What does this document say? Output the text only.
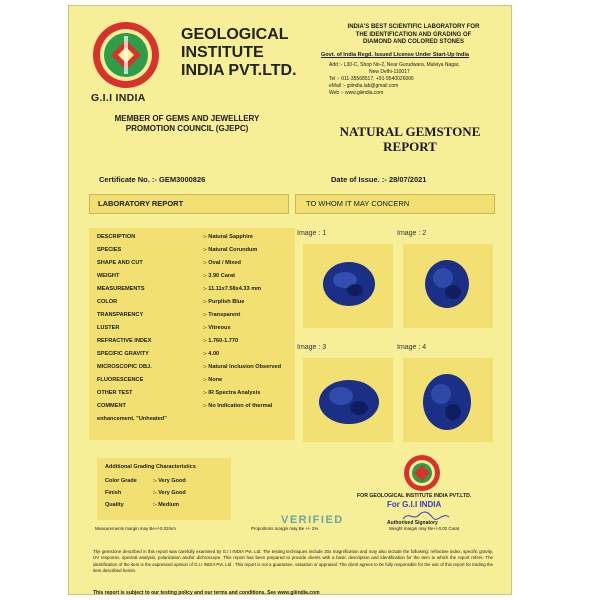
G.I.I INDIA
GEOLOGICAL
INSTITUTE
INDIA PVT.LTD.
MEMBER OF GEMS AND JEWELLERY
PROMOTION COUNCIL (GJEPC)
INDIA'S BEST SCIENTIFIC LABORATORY FOR
THE IDENTIFICATION AND GRADING OF
DIAMOND AND COLORED STONES
Govt. of India Regd. Issued License Under Start-Up India
Add :- L30-C, Shop No-2, Near Gurudwara, Malviya Nagar,
New Delhi-110017
Tel :- 011-35568517, +91-9540026006
eMail :- giiindia.lab@gmail.com
Web :- www.giiindia.com
NATURAL GEMSTONE
REPORT
Certificate No. :- GEM3000826	Date of Issue. :- 28/07/2021
LABORATORY REPORT	TO WHOM IT MAY CONCERN
DESCRIPTION	:- Natural Sapphire
SPECIES	:- Natural Corundum
SHAPE AND CUT	:- Oval / Mixed
WEIGHT	:- 3.90 Carat
MEASUREMENTS	:- 11.11x7.58x4.33 mm
COLOR	:- Purplish Blue
TRANSPARENCY	:- Transparent
LUSTER	:- Vitreous
REFRACTIVE INDEX	:- 1.760-1.770
SPECIFIC GRAVITY	:- 4.00
MICROSCOPIC OBJ.	:- Natural Inclusion Observed
FLUORESCENCE	:- None
OTHER TEST	:- IR Spectra Analysis
COMMENT	:- No Indication of thermal
enhancement. "Unheated"
Image : 1	Image : 2
Image : 3	Image : 4
Additional Grading Characteristics
Color Grade	:- Very Good
Finish	:- Very Good
Quality	:- Medium
FOR GEOLOGICAL INSTITUTE INDIA PVT.LTD.
For G.I.I INDIA
Authorised Signatory
VERIFIED
Measurements margin may Be+/-0.02mm	Proportions margin may Be +/- 2%	Weight margin may Be+/-0.02 Carat
The gemstone described in this report was carefully examined by G.I.I INDIA Pvt. Ltd. The testing techniques include 20x magnification and may also include the following: refractive index, specific gravity, UV response, spectral analysis, polarization and/or dichroscope. This report has been prepared to provide clients with a basic description and identification for the item to which the report refers. The identification of the item is the expressed opinion of G.I.I INDIA Pvt. Ltd . This report is not a guarantee, valuation or appraisal. The client agrees to be fully responsible for the use of this report for trading the item described herein.
This report is subject to our testing policy and our terms and conditions. See www.giiindia.com
